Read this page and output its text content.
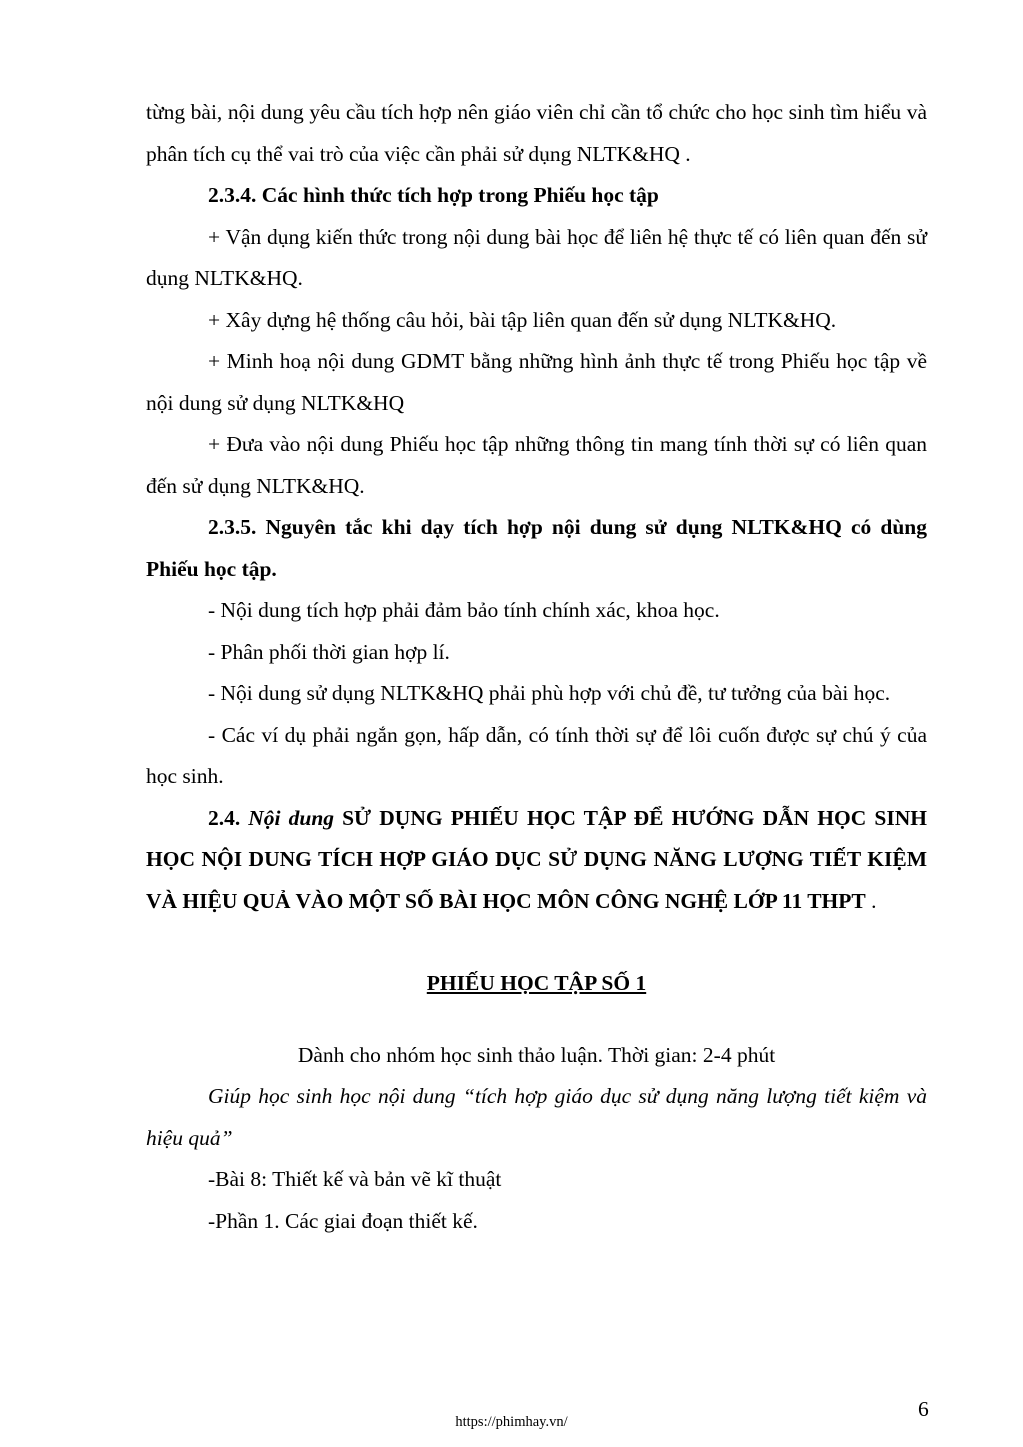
từng bài, nội dung yêu cầu tích hợp nên giáo viên chỉ cần tổ chức cho học sinh tìm hiểu và phân tích cụ thể vai trò của việc cần phải sử dụng NLTK&HQ .

2.3.4. Các hình thức tích hợp trong Phiếu học tập

+ Vận dụng kiến thức trong nội dung bài học để liên hệ thực tế có liên quan đến sử dụng NLTK&HQ.

+ Xây dựng hệ thống câu hỏi, bài tập liên quan đến sử dụng NLTK&HQ.

+ Minh hoạ nội dung GDMT bằng những hình ảnh thực tế trong Phiếu học tập về nội dung sử dụng NLTK&HQ

+ Đưa vào nội dung Phiếu học tập những thông tin mang tính thời sự có liên quan đến sử dụng NLTK&HQ.

2.3.5. Nguyên tắc khi dạy tích hợp nội dung sử dụng NLTK&HQ có dùng Phiếu học tập.

- Nội dung tích hợp phải đảm bảo tính chính xác, khoa học.

- Phân phối thời gian hợp lí.

- Nội dung sử dụng NLTK&HQ phải phù hợp với chủ đề, tư tưởng của bài học.

- Các ví dụ phải ngắn gọn, hấp dẫn, có tính thời sự để lôi cuốn được sự chú ý của học sinh.

2.4. Nội dung SỬ DỤNG PHIẾU HỌC TẬP ĐỂ HƯỚNG DẪN HỌC SINH HỌC NỘI DUNG TÍCH HỢP GIÁO DỤC SỬ DỤNG NĂNG LƯỢNG TIẾT KIỆM VÀ HIỆU QUẢ VÀO MỘT SỐ BÀI HỌC MÔN CÔNG NGHỆ LỚP 11 THPT .

PHIẾU HỌC TẬP SỐ 1

Dành cho nhóm học sinh thảo luận. Thời gian: 2-4 phút

Giúp học sinh học nội dung “tích hợp giáo dục sử dụng năng lượng tiết kiệm và hiệu quả”

-Bài 8: Thiết kế và bản vẽ kĩ thuật

-Phần 1. Các giai đoạn thiết kế.

6
https://phimhay.vn/
